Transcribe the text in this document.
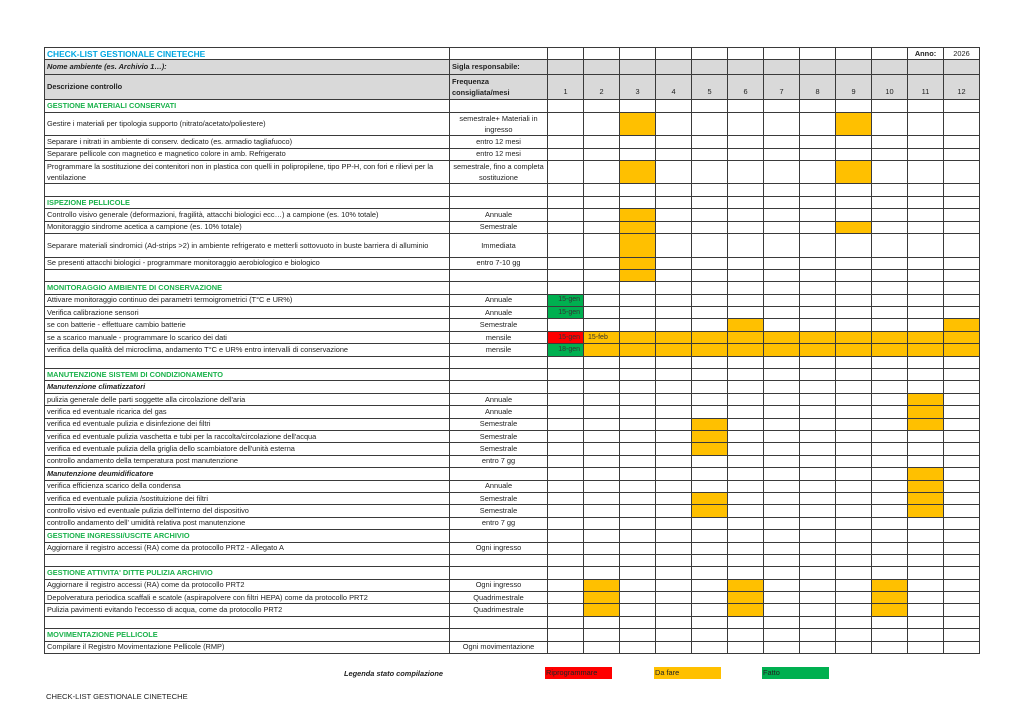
CHECK-LIST GESTIONALE CINETECHE												Anno:	2026
Nome ambiente (es. Archivio 1…):	Sigla responsabile:												
Descrizione controllo	Frequenza consigliata/mesi	1	2	3	4	5	6	7	8	9	10	11	12
GESTIONE MATERIALI CONSERVATI													
Gestire i materiali per tipologia supporto (nitrato/acetato/poliestere)	semestrale+ Materiali in ingresso												
Separare i nitrati in ambiente di conserv. dedicato (es. armadio tagliafuoco)	entro 12 mesi												
Separare pellicole con magnetico e magnetico colore in amb. Refrigerato	entro 12 mesi												
Programmare la sostituzione dei contenitori non in plastica con quelli in polipropilene, tipo PP-H, con fori e rilievi per la ventilazione	semestrale, fino a completa sostituzione												

ISPEZIONE PELLICOLE													
Controllo visivo generale (deformazioni, fragilità, attacchi biologici ecc…) a campione (es. 10% totale)	Annuale												
Monitoraggio sindrome acetica a campione (es. 10% totale)	Semestrale												
Separare materiali sindromici (Ad-strips >2) in ambiente refrigerato e metterli sottovuoto in buste barriera di alluminio	Immediata												
Se presenti attacchi biologici - programmare monitoraggio aerobiologico e biologico	entro 7-10 gg												

MONITORAGGIO AMBIENTE DI CONSERVAZIONE													
Attivare monitoraggio continuo dei parametri termoigrometrici (T°C e UR%)	Annuale	15-gen											

Verifica calibrazione sensori	Annuale	15-gen											

se con batterie - effettuare cambio batterie	Semestrale												
se a scarico manuale - programmare lo scarico dei dati	mensile	15-gen	15-feb										

verifica della qualità del microclima, andamento T°C e UR% entro intervalli di conservazione	mensile	18-gen											

MANUTENZIONE SISTEMI DI CONDIZIONAMENTO													
Manutenzione climatizzatori													
pulizia generale delle parti soggette alla circolazione dell'aria	Annuale												
verifica ed eventuale ricarica del gas	Annuale												
verifica ed eventuale pulizia e disinfezione dei filtri	Semestrale												
verifica ed eventuale pulizia vaschetta e tubi per la raccolta/circolazione dell'acqua	Semestrale												
verifica ed eventuale pulizia della griglia dello scambiatore dell'unità esterna	Semestrale												
controllo andamento della temperatura post manutenzione	entro 7 gg												
Manutenzione deumidificatore													
verifica efficienza scarico della condensa	Annuale												
verifica ed eventuale pulizia /sostituizione dei filtri	Semestrale												
controllo visivo ed eventuale pulizia dell'interno del dispositivo	Semestrale												
controllo andamento dell' umidità relativa post manutenzione	entro 7 gg												
GESTIONE INGRESSI/USCITE ARCHIVIO													
Aggiornare il registro accessi (RA) come da protocollo PRT2 - Allegato A	Ogni ingresso												

GESTIONE ATTIVITA' DITTE PULIZIA ARCHIVIO													
Aggiornare il registro accessi (RA) come da protocollo PRT2	Ogni ingresso												
Depolveratura periodica scaffali e scatole (aspirapolvere con filtri HEPA) come da protocollo PRT2	Quadrimestrale												
Pulizia pavimenti evitando l’eccesso di acqua, come da protocollo PRT2	Quadrimestrale												

MOVIMENTAZIONE PELLICOLE													
Compilare il Registro Movimentazione Pellicole (RMP)	Ogni movimentazione												
Legenda stato compilazione	Riprogrammare	Da fare	Fatto
CHECK-LIST GESTIONALE CINETECHE
